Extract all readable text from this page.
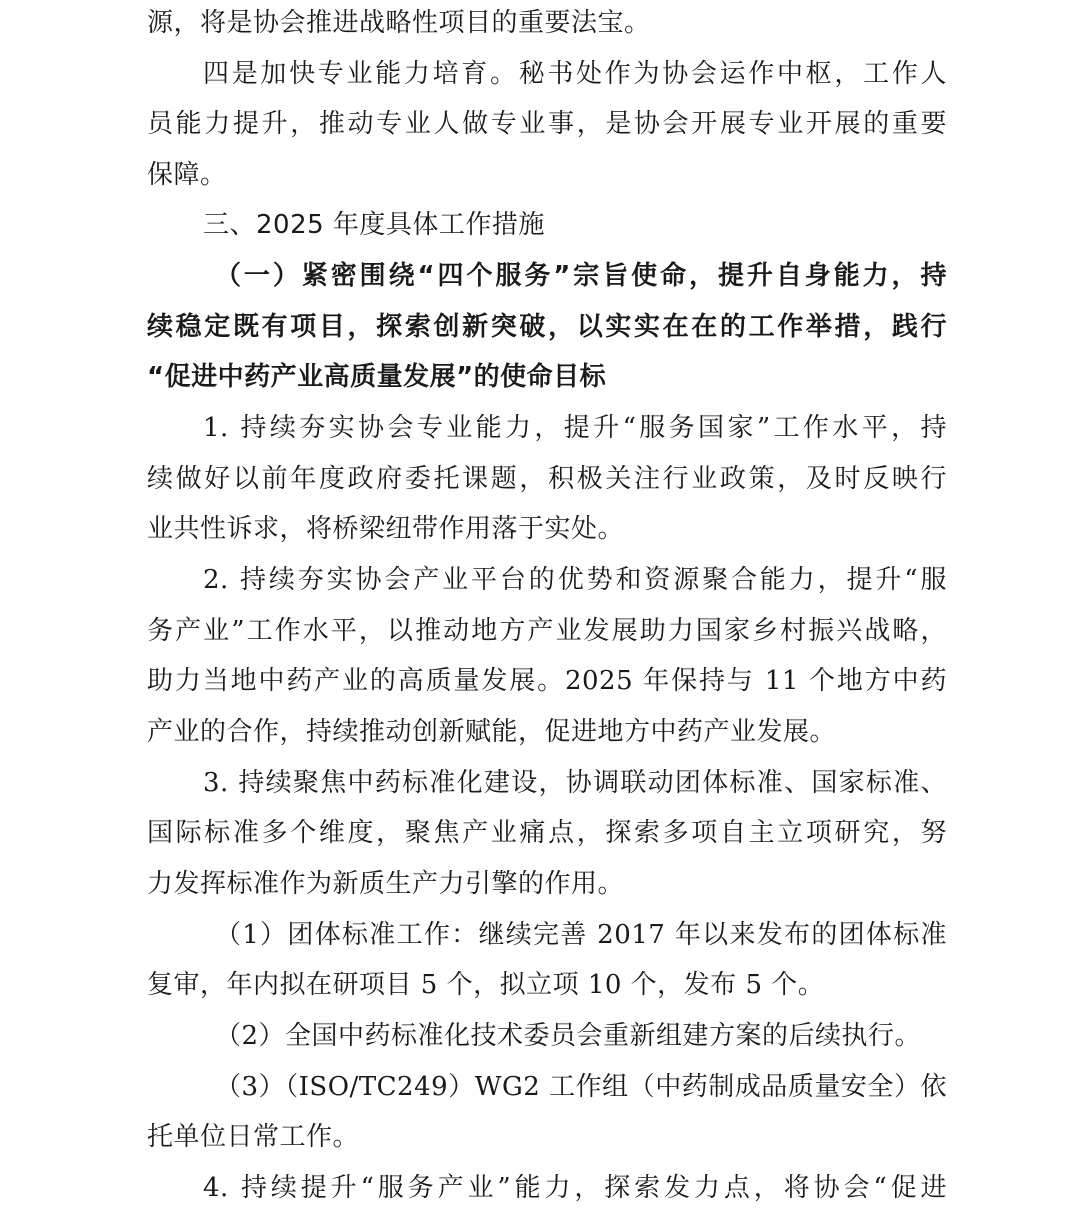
源，将是协会推进战略性项目的重要法宝。
四是加快专业能力培育。秘书处作为协会运作中枢，工作人
员能力提升，推动专业人做专业事，是协会开展专业开展的重要
保障。
三、2025 年度具体工作措施
（一）紧密围绕“四个服务”宗旨使命，提升自身能力，持
续稳定既有项目，探索创新突破，以实实在在的工作举措，践行
“促进中药产业高质量发展”的使命目标
1. 持续夯实协会专业能力，提升“服务国家”工作水平，持
续做好以前年度政府委托课题，积极关注行业政策，及时反映行
业共性诉求，将桥梁纽带作用落于实处。
2. 持续夯实协会产业平台的优势和资源聚合能力，提升“服
务产业”工作水平，以推动地方产业发展助力国家乡村振兴战略，
助力当地中药产业的高质量发展。2025 年保持与 11 个地方中药
产业的合作，持续推动创新赋能，促进地方中药产业发展。
3. 持续聚焦中药标准化建设，协调联动团体标准、国家标准、
国际标准多个维度，聚焦产业痛点，探索多项自主立项研究，努
力发挥标准作为新质生产力引擎的作用。
（1）团体标准工作：继续完善 2017 年以来发布的团体标准
复审，年内拟在研项目 5 个，拟立项 10 个，发布 5 个。
（2）全国中药标准化技术委员会重新组建方案的后续执行。
（3）（ISO/TC249）WG2 工作组（中药制成品质量安全）依
托单位日常工作。
4. 持续提升“服务产业”能力，探索发力点，将协会“促进
